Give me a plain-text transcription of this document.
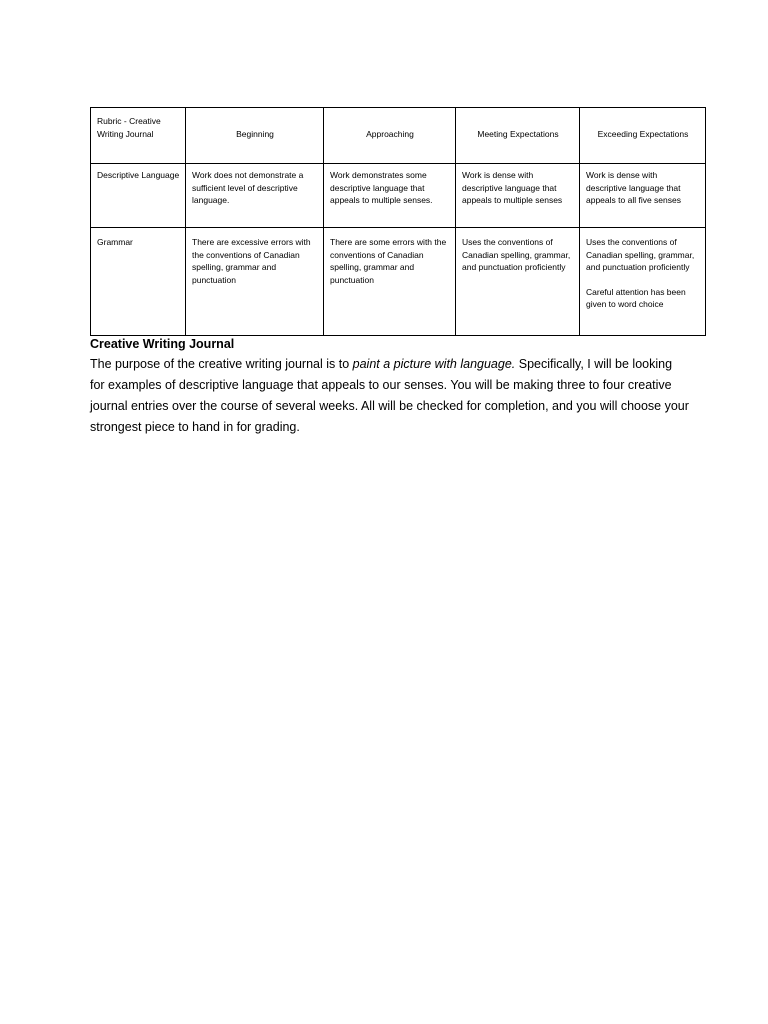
Rubric - Creative Writing Journal	Beginning	Approaching	Meeting Expectations	Exceeding Expectations
Descriptive Language	Work does not demonstrate a sufficient level of descriptive language.	Work demonstrates some descriptive language that appeals to multiple senses.	Work is dense with descriptive language that appeals to multiple senses	Work is dense with descriptive language that appeals to all five senses

Grammar	There are excessive errors with the conventions of Canadian spelling, grammar and punctuation	There are some errors with the conventions of Canadian spelling, grammar and punctuation	Uses the conventions of Canadian spelling, grammar, and punctuation proficiently	Uses the conventions of Canadian spelling, grammar, and punctuation proficiently
Careful attention has been given to word choice
Creative Writing Journal

The purpose of the creative writing journal is to paint a picture with language. Specifically, I will be looking for examples of descriptive language that appeals to our senses. You will be making three to four creative journal entries over the course of several weeks. All will be checked for completion, and you will choose your strongest piece to hand in for grading.
